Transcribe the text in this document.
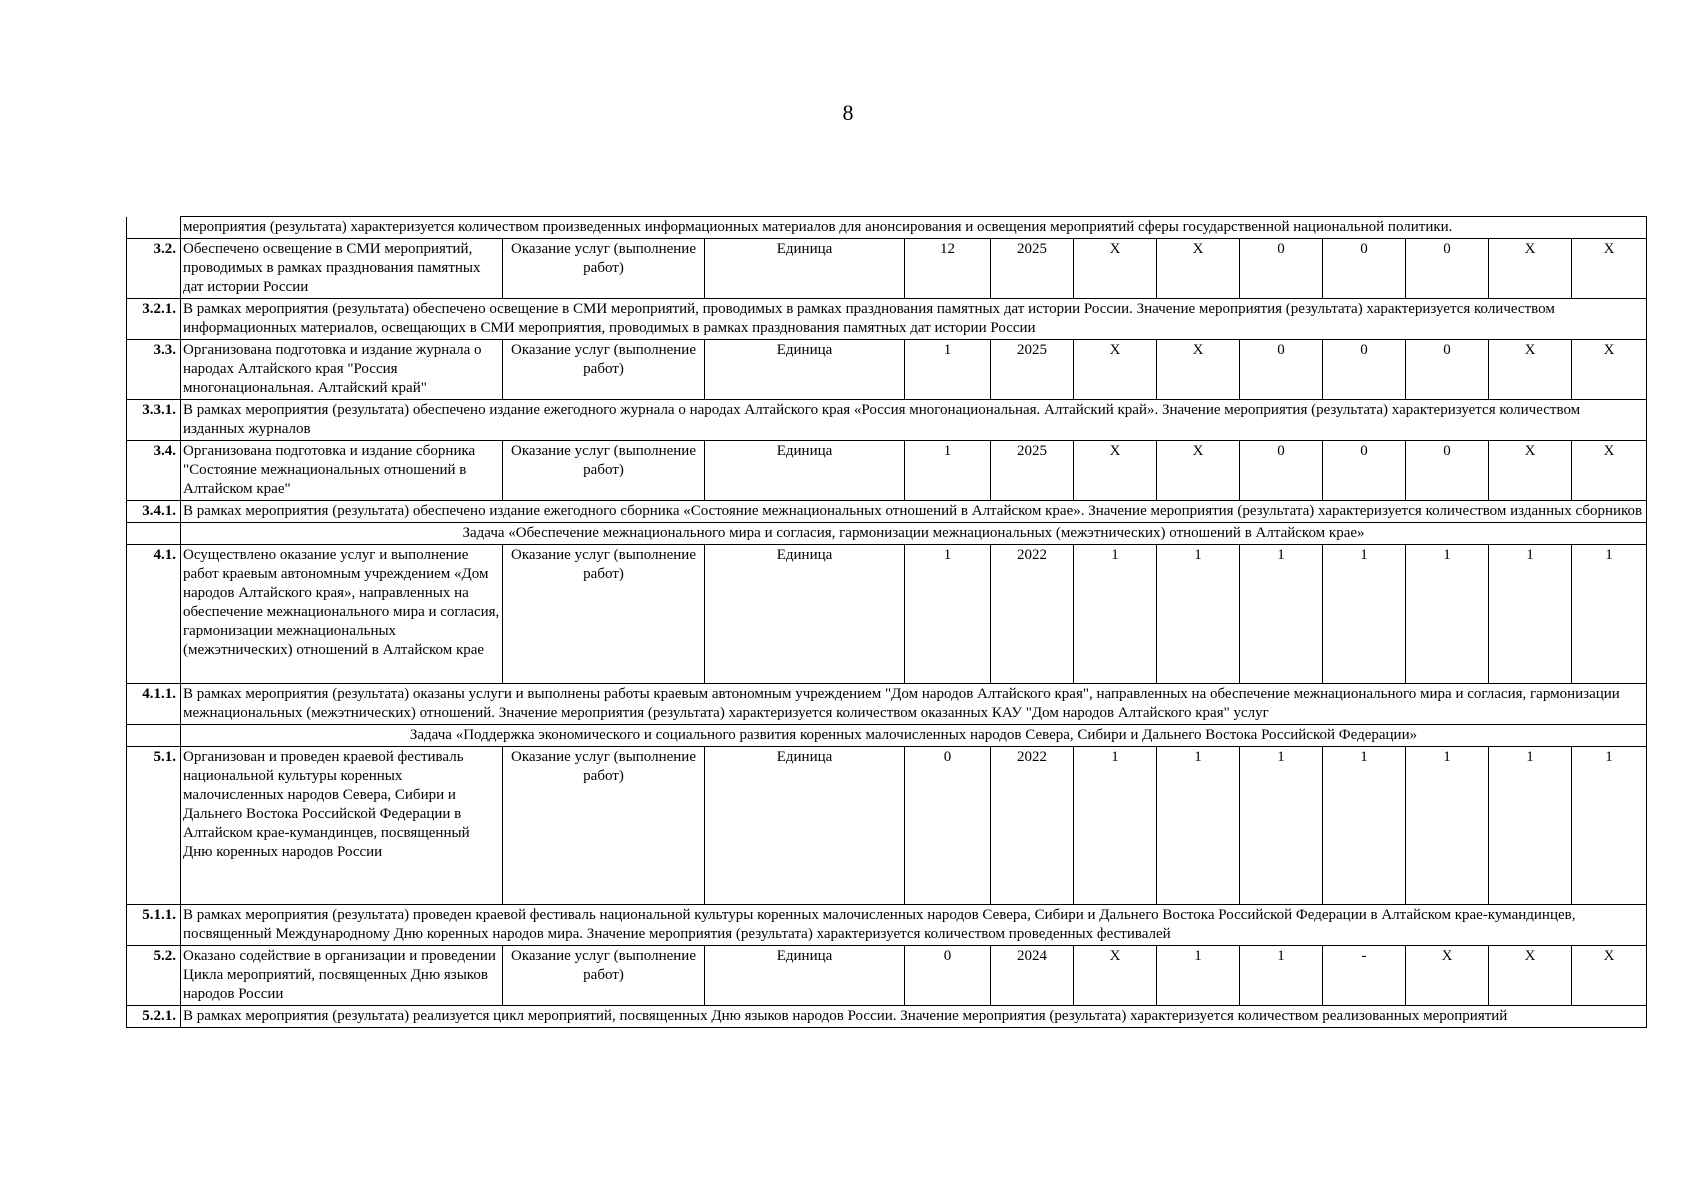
8
	мероприятия (результата) характеризуется количеством произведенных информационных материалов для анонсирования и освещения мероприятий сферы государственной национальной политики.											
3.2.	Обеспечено освещение в СМИ мероприятий, проводимых в рамках празднования памятных дат истории России	Оказание услуг (выполнение работ)	Единица	12	2025	X	X	0	0	0	X	X
3.2.1.	В рамках мероприятия (результата) обеспечено освещение в СМИ мероприятий, проводимых в рамках празднования памятных дат истории России. Значение мероприятия (результата) характеризуется количеством информационных материалов, освещающих в СМИ мероприятия, проводимых в рамках празднования памятных дат истории России											
3.3.	Организована подготовка и издание журнала о народах Алтайского края "Россия многонациональная. Алтайский край"	Оказание услуг (выполнение работ)	Единица	1	2025	X	X	0	0	0	X	X
3.3.1.	В рамках мероприятия (результата) обеспечено издание ежегодного журнала о народах Алтайского края «Россия многонациональная. Алтайский край». Значение мероприятия (результата) характеризуется количеством изданных журналов											
3.4.	Организована подготовка и издание сборника "Состояние межнациональных отношений в Алтайском крае"	Оказание услуг (выполнение работ)	Единица	1	2025	X	X	0	0	0	X	X
3.4.1.	В рамках мероприятия (результата) обеспечено издание ежегодного сборника «Состояние межнациональных отношений в Алтайском крае». Значение мероприятия (результата) характеризуется количеством изданных сборников											
	Задача «Обеспечение межнационального мира и согласия, гармонизации межнациональных (межэтнических) отношений в Алтайском крае»											
4.1.	Осуществлено оказание услуг и выполнение работ краевым автономным учреждением «Дом народов Алтайского края», направленных на обеспечение межнационального мира и согласия, гармонизации межнациональных (межэтнических) отношений в Алтайском крае	Оказание услуг (выполнение работ)	Единица	1	2022	1	1	1	1	1	1	1
4.1.1.	В рамках мероприятия (результата) оказаны услуги и выполнены работы краевым автономным учреждением "Дом народов Алтайского края", направленных на обеспечение межнационального мира и согласия, гармонизации межнациональных (межэтнических) отношений. Значение мероприятия (результата) характеризуется количеством оказанных КАУ "Дом народов Алтайского края" услуг											
	Задача «Поддержка экономического и социального развития коренных малочисленных народов Севера, Сибири и Дальнего Востока Российской Федерации»											
5.1.	Организован и проведен краевой фестиваль национальной культуры коренных малочисленных народов Севера, Сибири и Дальнего Востока Российской Федерации в Алтайском крае-кумандинцев, посвященный Дню коренных народов России	Оказание услуг (выполнение работ)	Единица	0	2022	1	1	1	1	1	1	1
5.1.1.	В рамках мероприятия (результата) проведен краевой фестиваль национальной культуры коренных малочисленных народов Севера, Сибири и Дальнего Востока Российской Федерации в Алтайском крае-кумандинцев, посвященный Международному Дню коренных народов мира. Значение мероприятия (результата) характеризуется количеством проведенных фестивалей											
5.2.	Оказано содействие в организации и проведении Цикла мероприятий, посвященных Дню языков народов России	Оказание услуг (выполнение работ)	Единица	0	2024	X	1	1	-	X	X	X
5.2.1.	В рамках мероприятия (результата) реализуется цикл мероприятий, посвященных Дню языков народов России. Значение мероприятия (результата) характеризуется количеством реализованных мероприятий											
